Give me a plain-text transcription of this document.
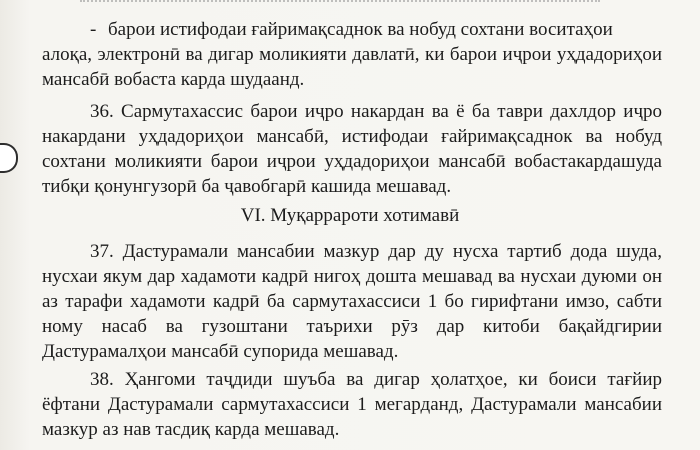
- барои истифодаи ғайримақсаднок ва нобуд сохтани воситаҳои
алоқа, электронӣ ва дигар моликияти давлатӣ, ки барои иҷрои уҳдадориҳои
мансабӣ вобаста карда шудаанд.
36. Сармутахассис барои иҷро накардан ва ё ба таври дахлдор иҷро
накардани уҳдадориҳои мансабӣ, истифодаи ғайримақсаднок ва нобуд
сохтани моликияти барои иҷрои уҳдадориҳои мансабӣ вобастакардашуда
тибқи қонунгузорӣ ба ҷавобгарӣ кашида мешавад.
VI. Муқаррароти хотимавӣ
37. Дастурамали мансабии мазкур дар ду нусха тартиб дода шуда,
нусхаи якум дар хадамоти кадрӣ нигоҳ дошта мешавад ва нусхаи дуюми он
аз тарафи хадамоти кадрӣ ба сармутахассиси 1 бо гирифтани имзо, сабти
ному насаб ва гузоштани таърихи рӯз дар китоби бақайдгирии
Дастурамалҳои мансабӣ супорида мешавад.
38. Ҳангоми таҷдиди шуъба ва дигар ҳолатҳое, ки боиси тағйир
ёфтани Дастурамали сармутахассиси 1 мегарданд, Дастурамали мансабии
мазкур аз нав тасдиқ карда мешавад.
